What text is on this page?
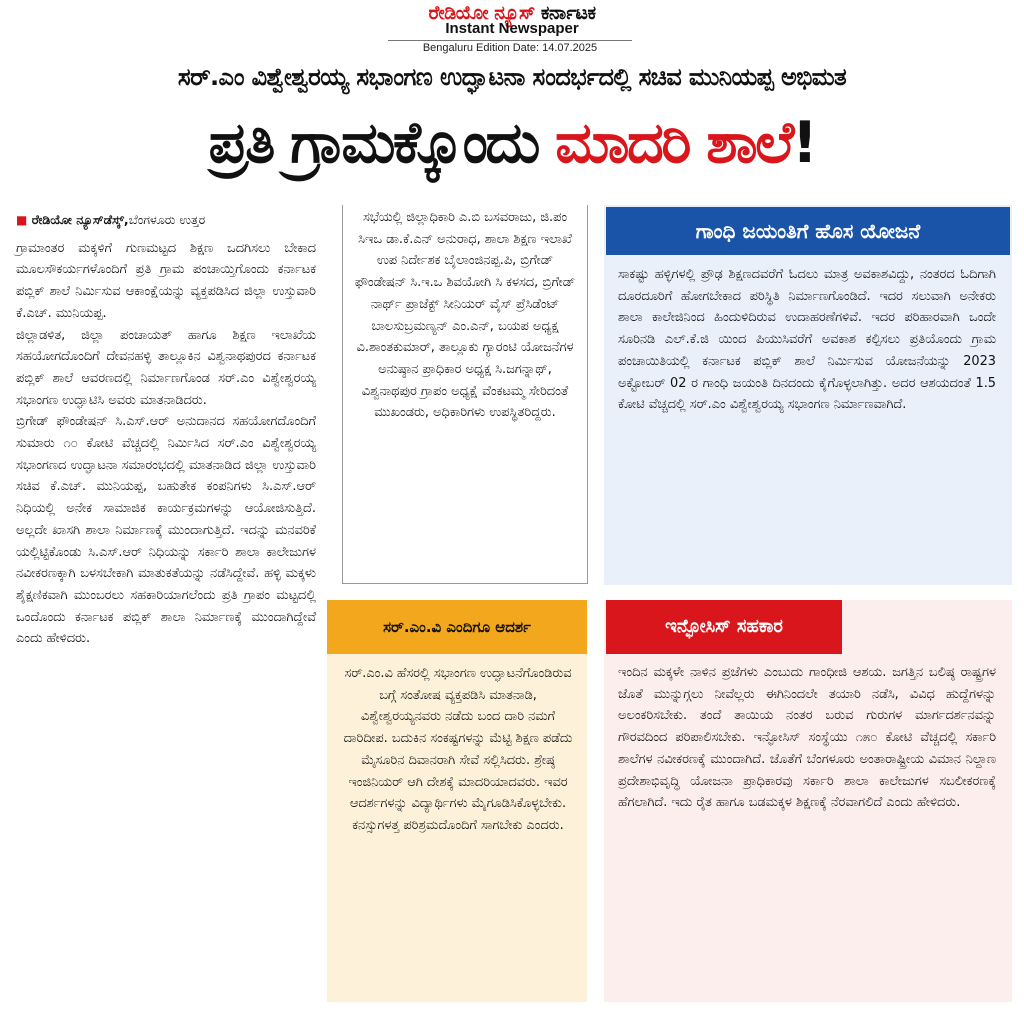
ರೇಡಿಯೋ ನ್ಯೂಸ್ ಕರ್ನಾಟಕ
Instant Newspaper
Bengaluru Edition Date: 14.07.2025
ಸರ್.ಎಂ ವಿಶ್ವೇಶ್ವರಯ್ಯ ಸಭಾಂಗಣ ಉದ್ಘಾಟನಾ ಸಂದರ್ಭದಲ್ಲಿ ಸಚಿವ ಮುನಿಯಪ್ಪ ಅಭಿಮತ
ಪ್ರತಿ ಗ್ರಾಮಕ್ಕೊಂದು ಮಾದರಿ ಶಾಲೆ!
■ ರೇಡಿಯೋ ನ್ಯೂಸ್‌ಡೆಸ್ಕ್,ಬೆಂಗಳೂರು ಉತ್ತರ

ಗ್ರಾಮಾಂತರ ಮಕ್ಕಳಿಗೆ ಗುಣಮಟ್ಟದ ಶಿಕ್ಷಣ ಒದಗಿಸಲು ಬೇಕಾದ ಮೂಲಸೌಕರ್ಯಗಳೊಂದಿಗೆ ಪ್ರತಿ ಗ್ರಾಮ ಪಂಚಾಯ್ತಿಗೊಂದು ಕರ್ನಾಟಕ ಪಬ್ಲಿಕ್ ಶಾಲೆ ನಿರ್ಮಿಸುವ ಆಕಾಂಕ್ಷೆಯನ್ನು ವ್ಯಕ್ತಪಡಿಸಿದ ಜಿಲ್ಲಾ ಉಸ್ತುವಾರಿ ಕೆ.ಎಚ್. ಮುನಿಯಪ್ಪ.

ಜಿಲ್ಲಾಡಳಿತ, ಜಿಲ್ಲಾ ಪಂಚಾಯತ್ ಹಾಗೂ ಶಿಕ್ಷಣ ಇಲಾಖೆಯ ಸಹಯೋಗದೊಂದಿಗೆ ದೇವನಹಳ್ಳಿ ತಾಲ್ಲೂಕಿನ ವಿಶ್ವನಾಥಪುರದ ಕರ್ನಾಟಕ ಪಬ್ಲಿಕ್ ಶಾಲೆ ಆವರಣದಲ್ಲಿ ನಿರ್ಮಾಣಗೊಂಡ ಸರ್.ಎಂ ವಿಶ್ವೇಶ್ವರಯ್ಯ ಸಭಾಂಗಣ ಉದ್ಘಾಟಿಸಿ ಅವರು ಮಾತನಾಡಿದರು.

ಬ್ರಿಗೇಡ್ ಫೌಂಡೇಷನ್ ಸಿ.ಎಸ್.ಆರ್ ಅನುದಾನದ ಸಹಯೋಗದೊಂದಿಗೆ ಸುಮಾರು ೧೦ ಕೋಟಿ ವೆಚ್ಚದಲ್ಲಿ ನಿರ್ಮಿಸಿದ ಸರ್.ಎಂ ವಿಶ್ವೇಶ್ವರಯ್ಯ ಸಭಾಂಗಣದ ಉದ್ಘಾಟನಾ ಸಮಾರಂಭದಲ್ಲಿ ಮಾತನಾಡಿದ ಜಿಲ್ಲಾ ಉಸ್ತುವಾರಿ ಸಚಿವ ಕೆ.ಎಚ್. ಮುನಿಯಪ್ಪ, ಬಹುತೇಕ ಕಂಪನಿಗಳು ಸಿ.ಎಸ್.ಆರ್ ನಿಧಿಯಲ್ಲಿ ಅನೇಕ ಸಾಮಾಜಿಕ ಕಾರ್ಯಕ್ರಮಗಳನ್ನು ಆಯೋಜಿಸುತ್ತಿದೆ. ಅಲ್ಲದೇ ಖಾಸಗಿ ಶಾಲಾ ನಿರ್ಮಾಣಕ್ಕೆ ಮುಂದಾಗುತ್ತಿದೆ. ಇದನ್ನು ಮನವರಿಕೆ ಯಲ್ಲಿಟ್ಟಿಕೊಂಡು ಸಿ.ಎಸ್.ಆರ್ ನಿಧಿಯನ್ನು ಸರ್ಕಾರಿ ಶಾಲಾ ಕಾಲೇಜುಗಳ ನವೀಕರಣಕ್ಕಾಗಿ ಬಳಸಬೇಕಾಗಿ ಮಾತುಕತೆಯನ್ನು ನಡೆಸಿದ್ದೇವೆ. ಹಳ್ಳಿ ಮಕ್ಕಳು ಶೈಕ್ಷಣಿಕವಾಗಿ ಮುಂಬರಲು ಸಹಕಾರಿಯಾಗಲೆಂದು ಪ್ರತಿ ಗ್ರಾಪಂ ಮಟ್ಟದಲ್ಲಿ ಒಂದೊಂದು ಕರ್ನಾಟಕ ಪಬ್ಲಿಕ್ ಶಾಲಾ ನಿರ್ಮಾಣಕ್ಕೆ ಮುಂದಾಗಿದ್ದೇವೆ ಎಂದು ಹೇಳಿದರು.

ಸಭೆಯಲ್ಲಿ ಜಿಲ್ಲಾಧಿಕಾರಿ ಎ.ಬಿ ಬಸವರಾಜು, ಜಿ.ಪಂ ಸಿಇಒ ಡಾ.ಕೆ.ಎನ್ ಅನುರಾಧ, ಶಾಲಾ ಶಿಕ್ಷಣ ಇಲಾಖೆ ಉಪ ನಿರ್ದೇಶಕ ಬೈಲಾಂಜಿನಪ್ಪ.ಪಿ, ಬ್ರಿಗೇಡ್ ಫೌಂಡೇಷನ್ ಸಿ.ಇ.ಒ ಶಿವಯೋಗಿ ಸಿ ಕಳಸದ, ಬ್ರಿಗೇಡ್ ನಾರ್ಥ್ ಪ್ರಾಜೆಕ್ಟ್ ಸೀನಿಯರ್ ವೈಸ್ ಪ್ರೆಸಿಡೆಂಟ್ ಬಾಲಸುಬ್ರಮಣ್ಯನ್ ಎಂ.ಎನ್, ಬಯಪ ಅಧ್ಯಕ್ಷ ವಿ.ಶಾಂತಕುಮಾರ್, ತಾಲ್ಲೂಕು ಗ್ಯಾರಂಟಿ ಯೋಜನೆಗಳ ಅನುಷ್ಠಾನ ಪ್ರಾಧಿಕಾರ ಅಧ್ಯಕ್ಷ ಸಿ.ಜಗನ್ನಾಥ್, ವಿಶ್ವನಾಥಪುರ ಗ್ರಾಪಂ ಅಧ್ಯಕ್ಷೆ ವೆಂಕಟಮ್ಮ ಸೇರಿದಂತೆ ಮುಖಂಡರು, ಅಧಿಕಾರಿಗಳು ಉಪಸ್ಥಿತರಿದ್ದರು.

ಗಾಂಧಿ ಜಯಂತಿಗೆ ಹೊಸ ಯೋಜನೆ
ಸಾಕಷ್ಟು ಹಳ್ಳಿಗಳಲ್ಲಿ ಪ್ರೌಢ ಶಿಕ್ಷಣದವರೆಗೆ ಓದಲು ಮಾತ್ರ ಅವಕಾಶವಿದ್ದು, ನಂತರದ ಓದಿಗಾಗಿ ದೂರದೂರಿಗೆ ಹೋಗಬೇಕಾದ ಪರಿಸ್ಥಿತಿ ನಿರ್ಮಾಣಗೊಂಡಿದೆ. ಇದರ ಸಲುವಾಗಿ ಅನೇಕರು ಶಾಲಾ ಕಾಲೇಜಿನಿಂದ ಹಿಂದುಳಿದಿರುವ ಉದಾಹರಣೆಗಳಿವೆ. ಇದರ ಪರಿಹಾರವಾಗಿ ಒಂದೇ ಸೂರಿನಡಿ ಎಲ್.ಕೆ.ಜಿ ಯಿಂದ ಪಿಯುಸಿವರೆಗೆ ಅವಕಾಶ ಕಲ್ಪಿಸಲು ಪ್ರತಿಯೊಂದು ಗ್ರಾಮ ಪಂಚಾಯಿತಿಯಲ್ಲಿ ಕರ್ನಾಟಕ ಪಬ್ಲಿಕ್ ಶಾಲೆ ನಿರ್ಮಿಸುವ ಯೋಜನೆಯನ್ನು 2023 ಅಕ್ಟೋಬರ್ 02 ರ ಗಾಂಧಿ ಜಯಂತಿ ದಿನದಂದು ಕೈಗೊಳ್ಳಲಾಗಿತ್ತು. ಅದರ ಆಶಯದಂತೆ 1.5 ಕೋಟಿ ವೆಚ್ಚದಲ್ಲಿ ಸರ್.ಎಂ ವಿಶ್ವೇಶ್ವರಯ್ಯ ಸಭಾಂಗಣ ನಿರ್ಮಾಣವಾಗಿದೆ.
ಸರ್.ಎಂ.ವಿ ಎಂದಿಗೂ ಆದರ್ಶ
ಸರ್.ಎಂ.ವಿ ಹೆಸರಲ್ಲಿ ಸಭಾಂಗಣ ಉದ್ಘಾಟನೆಗೊಂಡಿರುವ ಬಗ್ಗೆ ಸಂತೋಷ ವ್ಯಕ್ತಪಡಿಸಿ ಮಾತನಾಡಿ, ವಿಶ್ವೇಶ್ವರಯ್ಯನವರು ನಡೆದು ಬಂದ ದಾರಿ ನಮಗೆ ದಾರಿದೀಪ. ಬದುಕಿನ ಸಂಕಷ್ಟಗಳನ್ನು ಮೆಟ್ಟಿ ಶಿಕ್ಷಣ ಪಡೆದು ಮೈಸೂರಿನ ದಿವಾನರಾಗಿ ಸೇವೆ ಸಲ್ಲಿಸಿದರು. ಶ್ರೇಷ್ಠ ಇಂಜಿನಿಯರ್ ಆಗಿ ದೇಶಕ್ಕೆ ಮಾದರಿಯಾದವರು. ಇವರ ಆದರ್ಶಗಳನ್ನು ವಿದ್ಯಾರ್ಥಿಗಳು ಮೈಗೂಡಿಸಿಕೊಳ್ಳಬೇಕು. ಕನಸ್ಸುಗಳತ್ತ ಪರಿಶ್ರಮದೊಂದಿಗೆ ಸಾಗಬೇಕು ಎಂದರು.
ಇನ್ಫೋಸಿಸ್ ಸಹಕಾರ
ಇಂದಿನ ಮಕ್ಕಳೇ ನಾಳಿನ ಪ್ರಜೆಗಳು ಎಂಬುದು ಗಾಂಧೀಜಿ ಆಶಯ. ಜಗತ್ತಿನ ಬಲಿಷ್ಠ ರಾಷ್ಟ್ರಗಳ ಜೊತೆ ಮುನ್ನುಗ್ಗಲು ನೀವೆಲ್ಲರು ಈಗಿನಿಂದಲೇ ತಯಾರಿ ನಡೆಸಿ, ವಿವಿಧ ಹುದ್ದೆಗಳನ್ನು ಅಲಂಕರಿಸಬೇಕು. ತಂದೆ ತಾಯಿಯ ನಂತರ ಬರುವ ಗುರುಗಳ ಮಾರ್ಗದರ್ಶನವನ್ನು ಗೌರವದಿಂದ ಪರಿಪಾಲಿಸಬೇಕು. ಇನ್ಫೋಸಿಸ್ ಸಂಸ್ಥೆಯು ೧೫೦ ಕೋಟಿ ವೆಚ್ಚದಲ್ಲಿ ಸರ್ಕಾರಿ ಶಾಲೆಗಳ ನವೀಕರಣಕ್ಕೆ ಮುಂದಾಗಿದೆ. ಜೊತೆಗೆ ಬೆಂಗಳೂರು ಅಂತಾರಾಷ್ಟ್ರೀಯ ವಿಮಾನ ನಿಲ್ದಾಣ ಪ್ರದೇಶಾಭಿವೃದ್ಧಿ ಯೋಜನಾ ಪ್ರಾಧಿಕಾರವು ಸರ್ಕಾರಿ ಶಾಲಾ ಕಾಲೇಜುಗಳ ಸಬಲೀಕರಣಕ್ಕೆ ಹೆಗಲಾಗಿದೆ. ಇದು ರೈತ ಹಾಗೂ ಬಡಮಕ್ಕಳ ಶಿಕ್ಷಣಕ್ಕೆ ನೆರವಾಗಲಿದೆ ಎಂದು ಹೇಳಿದರು.
